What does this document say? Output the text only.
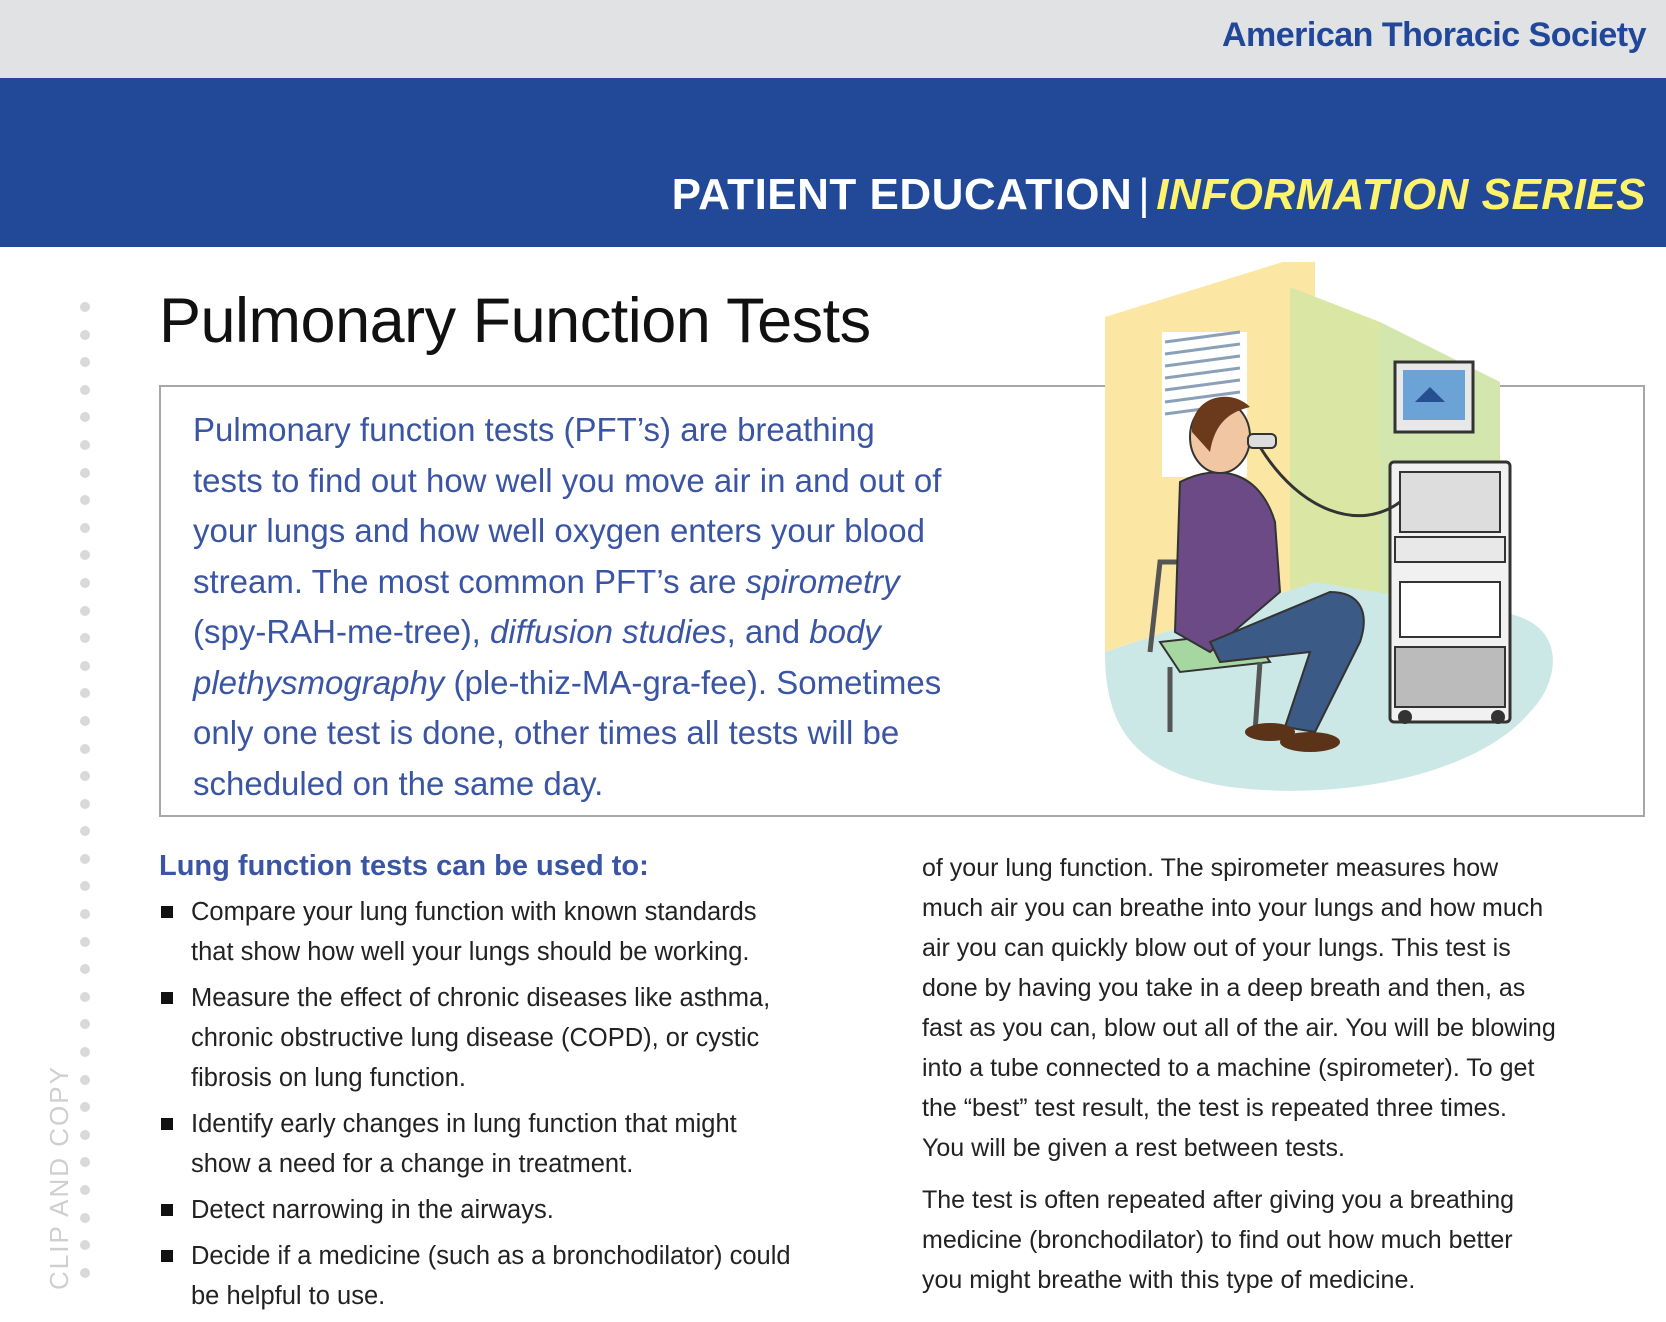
American Thoracic Society
PATIENT EDUCATION | INFORMATION SERIES
CLIP AND COPY
Pulmonary Function Tests
Pulmonary function tests (PFT’s) are breathing
tests to find out how well you move air in and out of
your lungs and how well oxygen enters your blood
stream. The most common PFT’s are spirometry
(spy-RAH-me-tree), diffusion studies, and body
plethysmography (ple-thiz-MA-gra-fee). Sometimes
only one test is done, other times all tests will be
scheduled on the same day.
Lung function tests can be used to:
Compare your lung function with known standards
that show how well your lungs should be working.
Measure the effect of chronic diseases like asthma,
chronic obstructive lung disease (COPD), or cystic
fibrosis on lung function.
Identify early changes in lung function that might
show a need for a change in treatment.
Detect narrowing in the airways.
Decide if a medicine (such as a bronchodilator) could
be helpful to use.
of your lung function. The spirometer measures how
much air you can breathe into your lungs and how much
air you can quickly blow out of your lungs. This test is
done by having you take in a deep breath and then, as
fast as you can, blow out all of the air. You will be blowing
into a tube connected to a machine (spirometer). To get
the “best” test result, the test is repeated three times.
You will be given a rest between tests.
The test is often repeated after giving you a breathing
medicine (bronchodilator) to find out how much better
you might breathe with this type of medicine.
